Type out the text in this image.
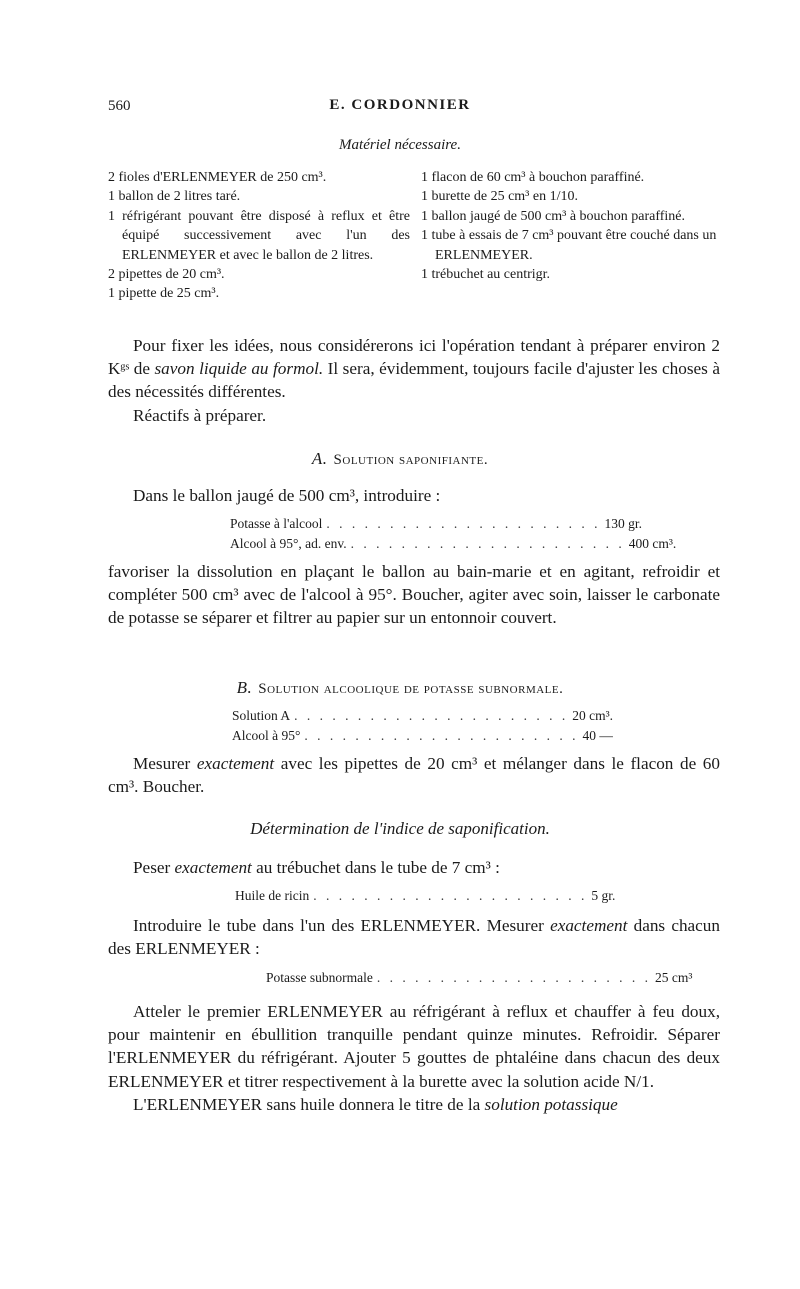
560	E. CORDONNIER
Matériel nécessaire.
2 fioles d'ERLENMEYER de 250 cm³.
1 ballon de 2 litres taré.
1 réfrigérant pouvant être disposé à reflux et être équipé successivement avec l'un des ERLENMEYER et avec le ballon de 2 litres.
2 pipettes de 20 cm³.
1 pipette de 25 cm³.
1 flacon de 60 cm³ à bouchon paraffiné.
1 burette de 25 cm³ en 1/10.
1 ballon jaugé de 500 cm³ à bouchon paraffiné.
1 tube à essais de 7 cm³ pouvant être couché dans un ERLENMEYER.
1 trébuchet au centrigr.

Pour fixer les idées, nous considérerons ici l'opération tendant à préparer environ 2 Kᵍˢ de savon liquide au formol. Il sera, évidemment, toujours facile d'ajuster les choses à des nécessités différentes.

Réactifs à préparer.

A. Solution saponifiante.

Dans le ballon jaugé de 500 cm³, introduire :

Potasse à l'alcool . . . . . . . . . . . . . . . . . . . . . . 130 gr.
Alcool à 95°, ad. env. . . . . . . . . . . . . . . . . . . . . . . 400 cm³.

favoriser la dissolution en plaçant le ballon au bain-marie et en agitant, refroidir et compléter 500 cm³ avec de l'alcool à 95°. Boucher, agiter avec soin, laisser le carbonate de potasse se séparer et filtrer au papier sur un entonnoir couvert.

B. Solution alcoolique de potasse subnormale.
Solution A . . . . . . . . . . . . . . . . . . . . . . 20 cm³.
Alcool à 95° . . . . . . . . . . . . . . . . . . . . . . 40 —

Mesurer exactement avec les pipettes de 20 cm³ et mélanger dans le flacon de 60 cm³. Boucher.

Détermination de l'indice de saponification.

Peser exactement au trébuchet dans le tube de 7 cm³ :

Huile de ricin . . . . . . . . . . . . . . . . . . . . . . 5 gr.

Introduire le tube dans l'un des ERLENMEYER. Mesurer exactement dans chacun des ERLENMEYER :

Potasse subnormale . . . . . . . . . . . . . . . . . . . . . . 25 cm³

Atteler le premier ERLENMEYER au réfrigérant à reflux et chauffer à feu doux, pour maintenir en ébullition tranquille pendant quinze minutes. Refroidir. Séparer l'ERLENMEYER du réfrigérant. Ajouter 5 gouttes de phtaléine dans chacun des deux ERLENMEYER et titrer respectivement à la burette avec la solution acide N/1.

L'ERLENMEYER sans huile donnera le titre de la solution potassique
